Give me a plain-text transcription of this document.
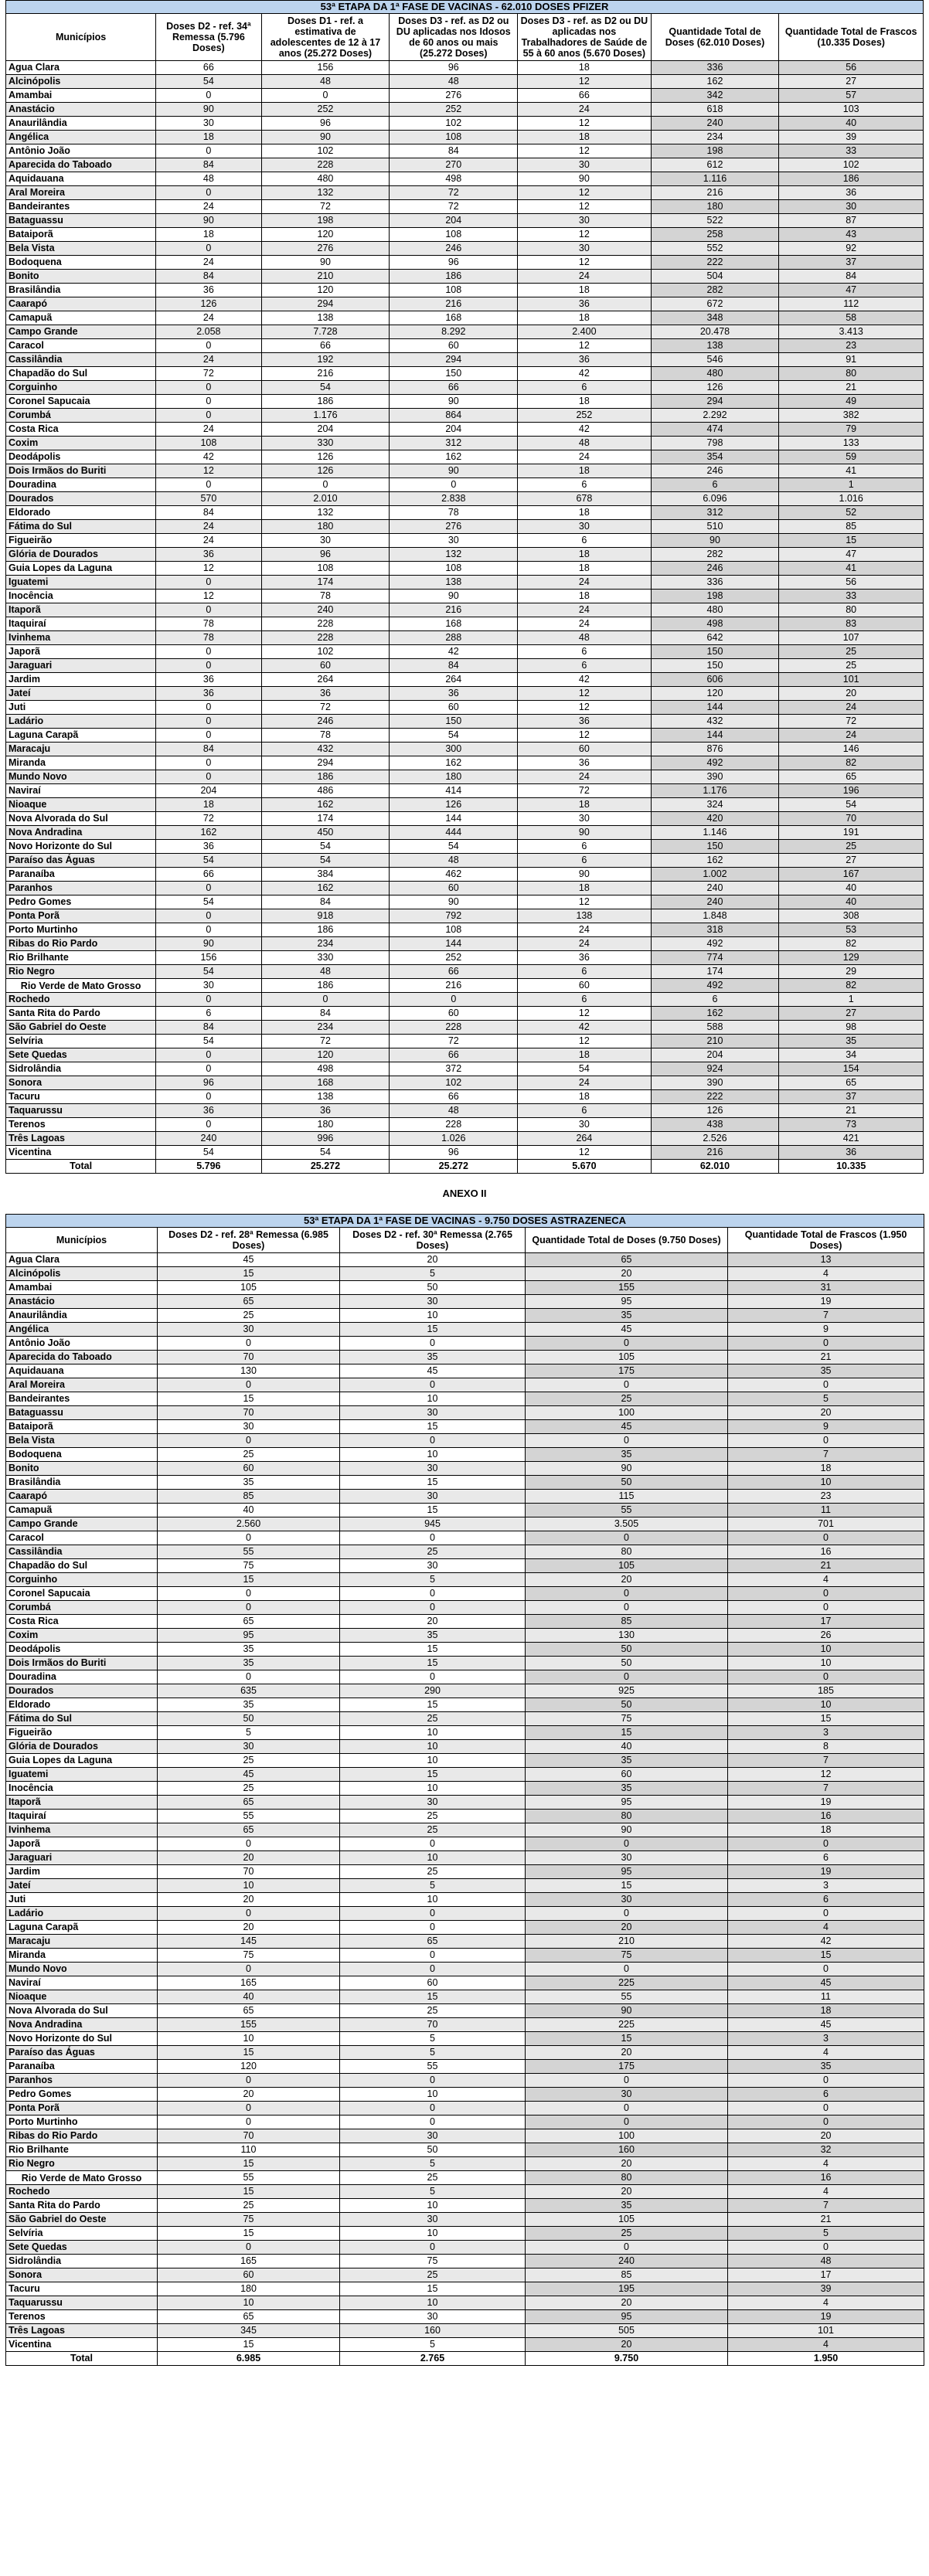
53ª ETAPA DA 1ª FASE DE VACINAS - 62.010 DOSES PFIZER						
Municípios	Doses D2 - ref. 34ª Remessa (5.796 Doses)	Doses D1 - ref. a estimativa de adolescentes de 12 à 17 anos (25.272 Doses)	Doses D3 - ref. as D2 ou DU aplicadas nos Idosos de 60 anos ou mais (25.272 Doses)	Doses D3 - ref. as D2 ou DU aplicadas nos Trabalhadores de Saúde de 55 à 60 anos (5.670 Doses)	Quantidade Total de Doses (62.010 Doses)	Quantidade Total de Frascos (10.335 Doses)
Agua Clara	66	156	96	18	336	56
Alcinópolis	54	48	48	12	162	27
Amambai	0	0	276	66	342	57
Anastácio	90	252	252	24	618	103
Anaurilândia	30	96	102	12	240	40
Angélica	18	90	108	18	234	39
Antônio João	0	102	84	12	198	33
Aparecida do Taboado	84	228	270	30	612	102
Aquidauana	48	480	498	90	1.116	186
Aral Moreira	0	132	72	12	216	36
Bandeirantes	24	72	72	12	180	30
Bataguassu	90	198	204	30	522	87
Bataiporã	18	120	108	12	258	43
Bela Vista	0	276	246	30	552	92
Bodoquena	24	90	96	12	222	37
Bonito	84	210	186	24	504	84
Brasilândia	36	120	108	18	282	47
Caarapó	126	294	216	36	672	112
Camapuã	24	138	168	18	348	58
Campo Grande	2.058	7.728	8.292	2.400	20.478	3.413
Caracol	0	66	60	12	138	23
Cassilândia	24	192	294	36	546	91
Chapadão do Sul	72	216	150	42	480	80
Corguinho	0	54	66	6	126	21
Coronel Sapucaia	0	186	90	18	294	49
Corumbá	0	1.176	864	252	2.292	382
Costa Rica	24	204	204	42	474	79
Coxim	108	330	312	48	798	133
Deodápolis	42	126	162	24	354	59
Dois Irmãos do Buriti	12	126	90	18	246	41
Douradina	0	0	0	6	6	1
Dourados	570	2.010	2.838	678	6.096	1.016
Eldorado	84	132	78	18	312	52
Fátima do Sul	24	180	276	30	510	85
Figueirão	24	30	30	6	90	15
Glória de Dourados	36	96	132	18	282	47
Guia Lopes da Laguna	12	108	108	18	246	41
Iguatemi	0	174	138	24	336	56
Inocência	12	78	90	18	198	33
Itaporã	0	240	216	24	480	80
Itaquiraí	78	228	168	24	498	83
Ivinhema	78	228	288	48	642	107
Japorã	0	102	42	6	150	25
Jaraguari	0	60	84	6	150	25
Jardim	36	264	264	42	606	101
Jateí	36	36	36	12	120	20
Juti	0	72	60	12	144	24
Ladário	0	246	150	36	432	72
Laguna Carapã	0	78	54	12	144	24
Maracaju	84	432	300	60	876	146
Miranda	0	294	162	36	492	82
Mundo Novo	0	186	180	24	390	65
Naviraí	204	486	414	72	1.176	196
Nioaque	18	162	126	18	324	54
Nova Alvorada do Sul	72	174	144	30	420	70
Nova Andradina	162	450	444	90	1.146	191
Novo Horizonte do Sul	36	54	54	6	150	25
Paraíso das Águas	54	54	48	6	162	27
Paranaíba	66	384	462	90	1.002	167
Paranhos	0	162	60	18	240	40
Pedro Gomes	54	84	90	12	240	40
Ponta Porã	0	918	792	138	1.848	308
Porto Murtinho	0	186	108	24	318	53
Ribas do Rio Pardo	90	234	144	24	492	82
Rio Brilhante	156	330	252	36	774	129
Rio Negro	54	48	66	6	174	29
Rio Verde de Mato Grosso	30	186	216	60	492	82
Rochedo	0	0	0	6	6	1
Santa Rita do Pardo	6	84	60	12	162	27
São Gabriel do Oeste	84	234	228	42	588	98
Selvíria	54	72	72	12	210	35
Sete Quedas	0	120	66	18	204	34
Sidrolândia	0	498	372	54	924	154
Sonora	96	168	102	24	390	65
Tacuru	0	138	66	18	222	37
Taquarussu	36	36	48	6	126	21
Terenos	0	180	228	30	438	73
Três Lagoas	240	996	1.026	264	2.526	421
Vicentina	54	54	96	12	216	36
Total	5.796	25.272	25.272	5.670	62.010	10.335
ANEXO II
53ª ETAPA DA 1ª FASE DE VACINAS - 9.750 DOSES ASTRAZENECA				
Municípios	Doses D2 - ref. 28ª Remessa (6.985 Doses)	Doses D2 - ref. 30ª Remessa (2.765 Doses)	Quantidade Total de Doses (9.750 Doses)	Quantidade Total de Frascos (1.950 Doses)
Agua Clara	45	20	65	13
Alcinópolis	15	5	20	4
Amambai	105	50	155	31
Anastácio	65	30	95	19
Anaurilândia	25	10	35	7
Angélica	30	15	45	9
Antônio João	0	0	0	0
Aparecida do Taboado	70	35	105	21
Aquidauana	130	45	175	35
Aral Moreira	0	0	0	0
Bandeirantes	15	10	25	5
Bataguassu	70	30	100	20
Bataiporã	30	15	45	9
Bela Vista	0	0	0	0
Bodoquena	25	10	35	7
Bonito	60	30	90	18
Brasilândia	35	15	50	10
Caarapó	85	30	115	23
Camapuã	40	15	55	11
Campo Grande	2.560	945	3.505	701
Caracol	0	0	0	0
Cassilândia	55	25	80	16
Chapadão do Sul	75	30	105	21
Corguinho	15	5	20	4
Coronel Sapucaia	0	0	0	0
Corumbá	0	0	0	0
Costa Rica	65	20	85	17
Coxim	95	35	130	26
Deodápolis	35	15	50	10
Dois Irmãos do Buriti	35	15	50	10
Douradina	0	0	0	0
Dourados	635	290	925	185
Eldorado	35	15	50	10
Fátima do Sul	50	25	75	15
Figueirão	5	10	15	3
Glória de Dourados	30	10	40	8
Guia Lopes da Laguna	25	10	35	7
Iguatemi	45	15	60	12
Inocência	25	10	35	7
Itaporã	65	30	95	19
Itaquiraí	55	25	80	16
Ivinhema	65	25	90	18
Japorã	0	0	0	0
Jaraguari	20	10	30	6
Jardim	70	25	95	19
Jateí	10	5	15	3
Juti	20	10	30	6
Ladário	0	0	0	0
Laguna Carapã	20	0	20	4
Maracaju	145	65	210	42
Miranda	75	0	75	15
Mundo Novo	0	0	0	0
Naviraí	165	60	225	45
Nioaque	40	15	55	11
Nova Alvorada do Sul	65	25	90	18
Nova Andradina	155	70	225	45
Novo Horizonte do Sul	10	5	15	3
Paraíso das Águas	15	5	20	4
Paranaíba	120	55	175	35
Paranhos	0	0	0	0
Pedro Gomes	20	10	30	6
Ponta Porã	0	0	0	0
Porto Murtinho	0	0	0	0
Ribas do Rio Pardo	70	30	100	20
Rio Brilhante	110	50	160	32
Rio Negro	15	5	20	4
Rio Verde de Mato Grosso	55	25	80	16
Rochedo	15	5	20	4
Santa Rita do Pardo	25	10	35	7
São Gabriel do Oeste	75	30	105	21
Selvíria	15	10	25	5
Sete Quedas	0	0	0	0
Sidrolândia	165	75	240	48
Sonora	60	25	85	17
Tacuru	180	15	195	39
Taquarussu	10	10	20	4
Terenos	65	30	95	19
Três Lagoas	345	160	505	101
Vicentina	15	5	20	4
Total	6.985	2.765	9.750	1.950
